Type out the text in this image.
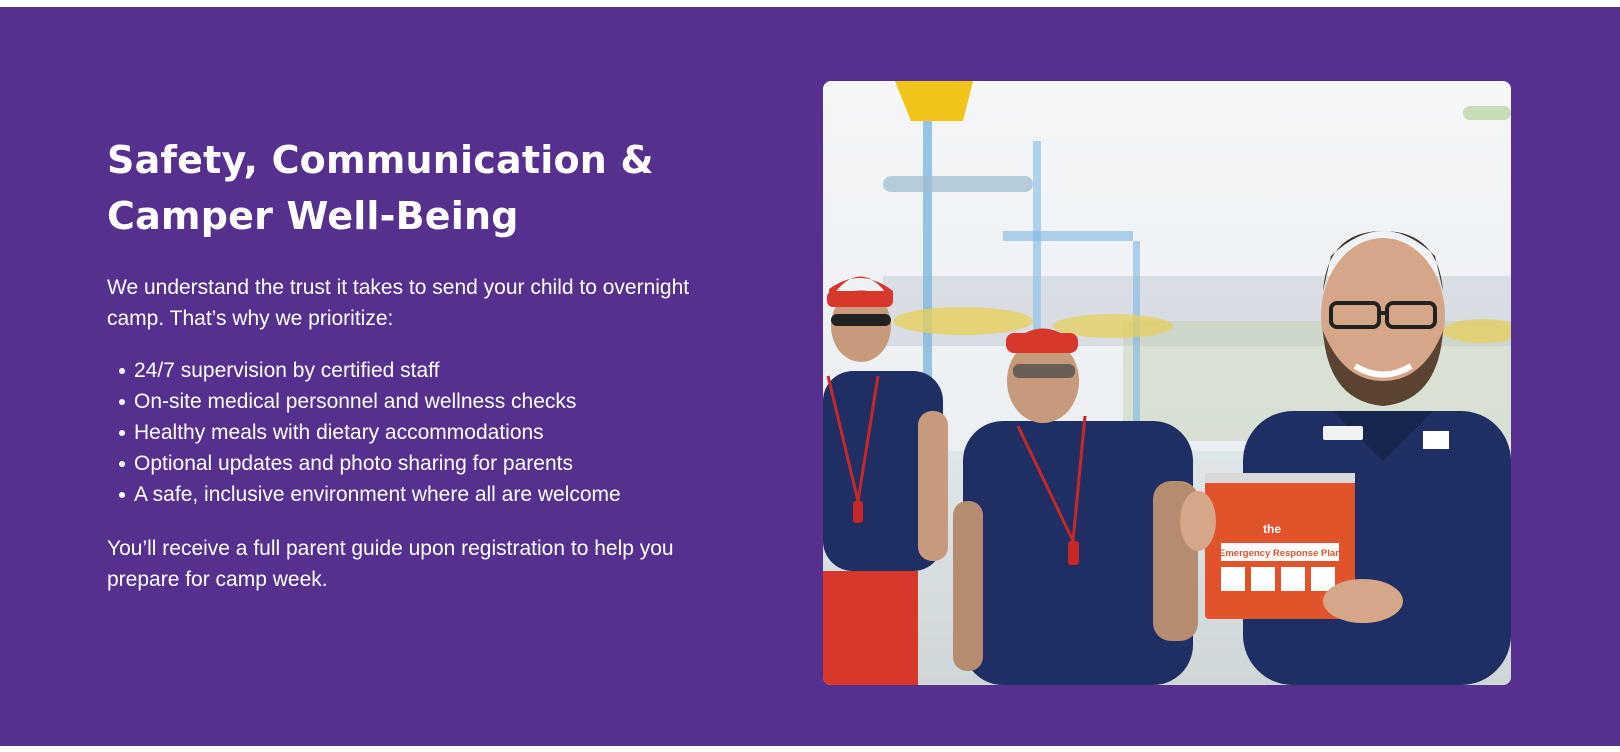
Safety, Communication &
Camper Well-Being

We understand the trust it takes to send your child to overnight camp. That’s why we prioritize:

24/7 supervision by certified staff
On-site medical personnel and wellness checks
Healthy meals with dietary accommodations
Optional updates and photo sharing for parents
A safe, inclusive environment where all are welcome

You’ll receive a full parent guide upon registration to help you prepare for camp week.

the
Emergency Response Plan
